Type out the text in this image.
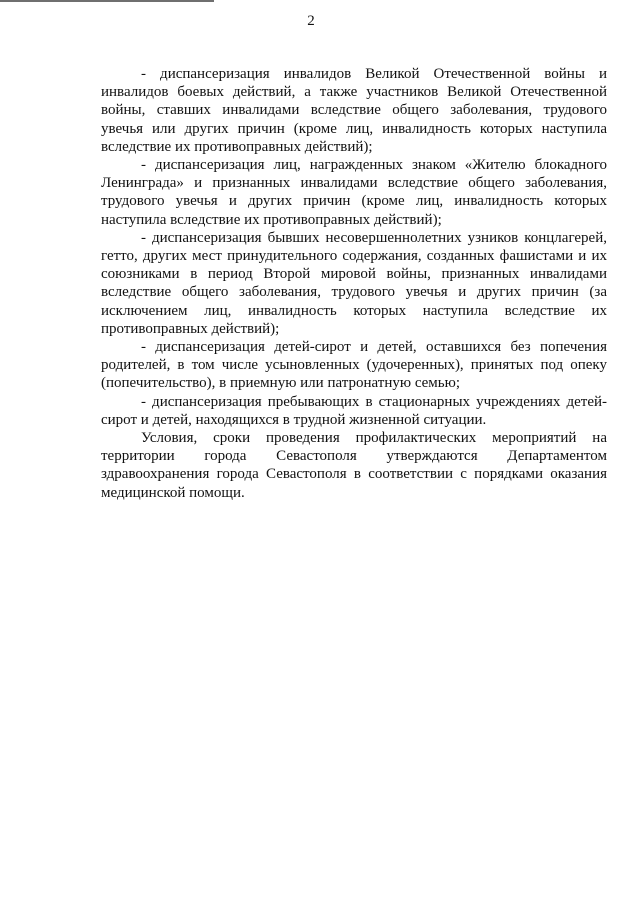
2

- диспансеризация инвалидов Великой Отечественной войны и инвалидов боевых действий, а также участников Великой Отечественной войны, ставших инвалидами вследствие общего заболевания, трудового увечья или других причин (кроме лиц, инвалидность которых наступила вследствие их противоправных действий);

- диспансеризация лиц, награжденных знаком «Жителю блокадного Ленинграда» и признанных инвалидами вследствие общего заболевания, трудового увечья и других причин (кроме лиц, инвалидность которых наступила вследствие их противоправных действий);

- диспансеризация бывших несовершеннолетних узников концлагерей, гетто, других мест принудительного содержания, созданных фашистами и их союзниками в период Второй мировой войны, признанных инвалидами вследствие общего заболевания, трудового увечья и других причин (за исключением лиц, инвалидность которых наступила вследствие их противоправных действий);

- диспансеризация детей-сирот и детей, оставшихся без попечения родителей, в том числе усыновленных (удочеренных), принятых под опеку (попечительство), в приемную или патронатную семью;

- диспансеризация пребывающих в стационарных учреждениях детей-сирот и детей, находящихся в трудной жизненной ситуации.

Условия, сроки проведения профилактических мероприятий на территории города Севастополя утверждаются Департаментом здравоохранения города Севастополя в соответствии с порядками оказания медицинской помощи.
